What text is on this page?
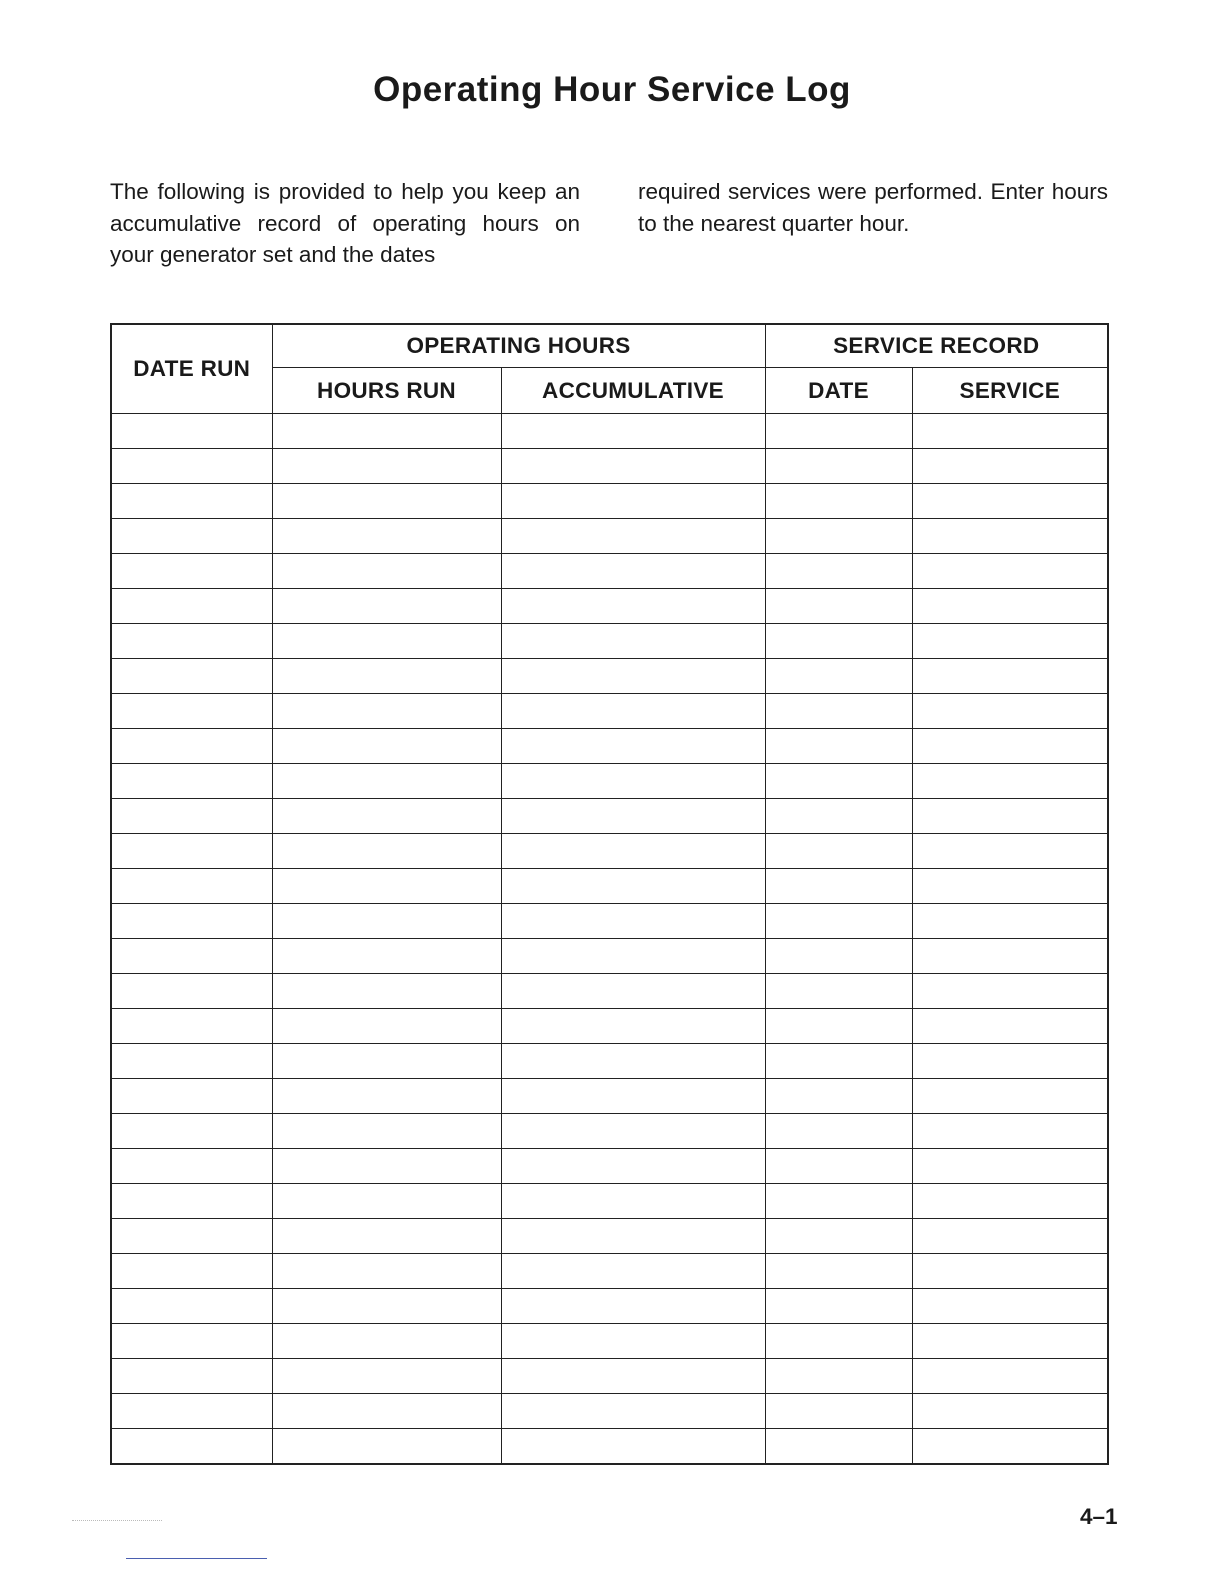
Operating Hour Service Log

The following is provided to help you keep an accumulative record of operating hours on your generator set and the dates

required services were performed. Enter hours to the nearest quarter hour.

DATE RUN	OPERATING HOURS		SERVICE RECORD	
	HOURS RUN	ACCUMULATIVE	DATE	SERVICE

4–1
